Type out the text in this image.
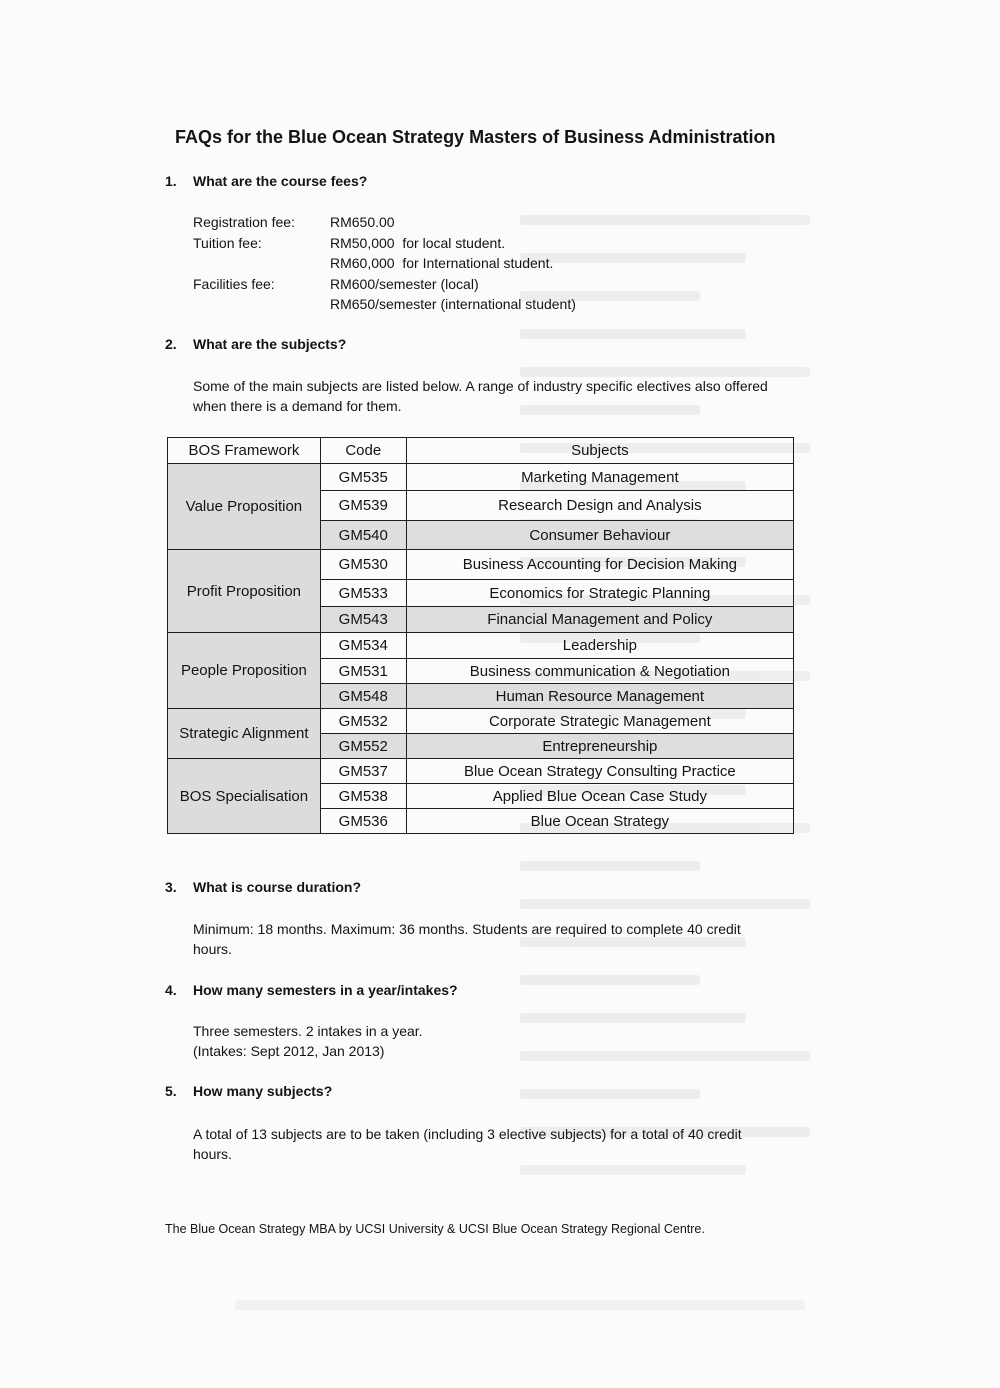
FAQs for the Blue Ocean Strategy Masters of Business Administration
1. What are the course fees?
Registration fee:	RM650.00
Tuition fee:	RM50,000  for local student.
RM60,000  for International student.
Facilities fee:	RM600/semester (local)
RM650/semester (international student)
2. What are the subjects?

Some of the main subjects are listed below. A range of industry specific electives also offered when there is a demand for them.

BOS Framework	Code	Subjects
Value Proposition	GM535	Marketing Management
	GM539	Research Design and Analysis
	GM540	Consumer Behaviour
Profit Proposition	GM530	Business Accounting for Decision Making
	GM533	Economics for Strategic Planning
	GM543	Financial Management and Policy
People Proposition	GM534	Leadership
	GM531	Business communication & Negotiation
	GM548	Human Resource Management
Strategic Alignment	GM532	Corporate Strategic Management
	GM552	Entrepreneurship
BOS Specialisation	GM537	Blue Ocean Strategy Consulting Practice
	GM538	Applied Blue Ocean Case Study
	GM536	Blue Ocean Strategy
3. What is course duration?

Minimum: 18 months. Maximum: 36 months. Students are required to complete 40 credit hours.

4. How many semesters in a year/intakes?

Three semesters. 2 intakes in a year.

(Intakes: Sept 2012, Jan 2013)

5. How many subjects?

A total of 13 subjects are to be taken (including 3 elective subjects) for a total of 40 credit hours.

The Blue Ocean Strategy MBA by UCSI University & UCSI Blue Ocean Strategy Regional Centre.
